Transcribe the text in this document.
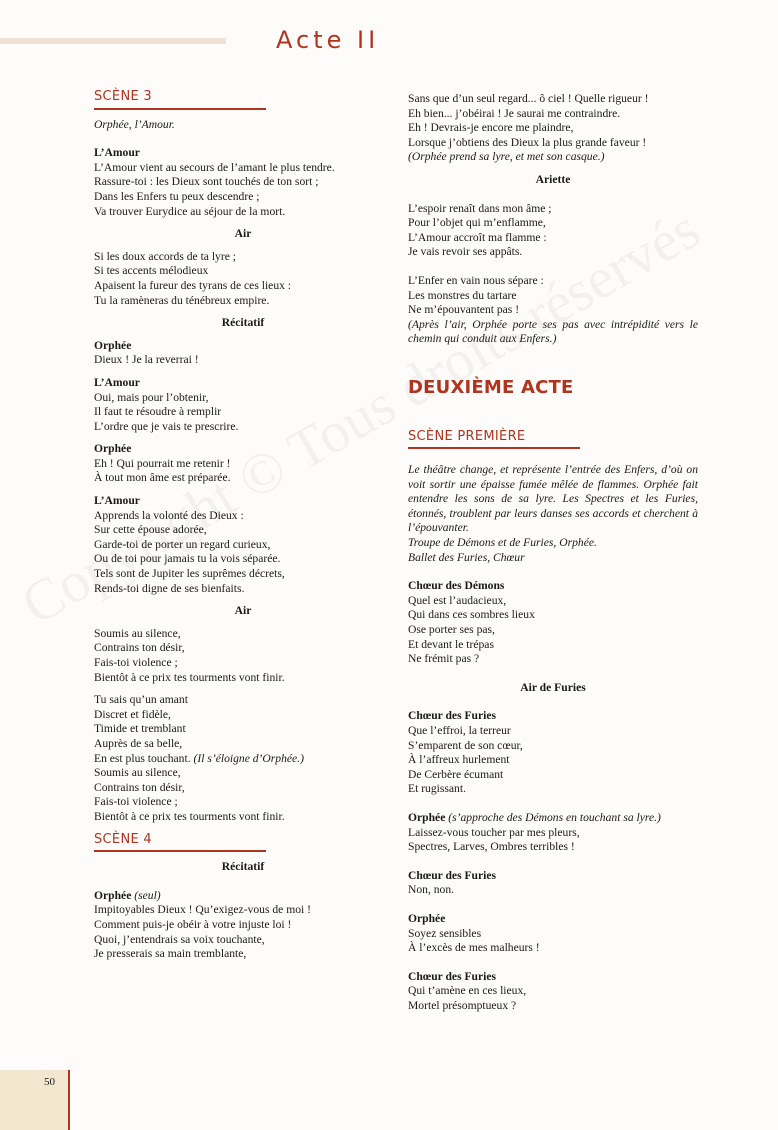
Acte II
SCÈNE 3
Orphée, l’Amour.
L’Amour
L’Amour vient au secours de l’amant le plus tendre.
Rassure-toi : les Dieux sont touchés de ton sort ;
Dans les Enfers tu peux descendre ;
Va trouver Eurydice au séjour de la mort.
Air
Si les doux accords de ta lyre ;
Si tes accents mélodieux
Apaisent la fureur des tyrans de ces lieux :
Tu la ramèneras du ténébreux empire.
Récitatif
Orphée
Dieux ! Je la reverrai !
L’Amour
Oui, mais pour l’obtenir,
Il faut te résoudre à remplir
L’ordre que je vais te prescrire.
Orphée
Eh ! Qui pourrait me retenir !
À tout mon âme est préparée.
L’Amour
Apprends la volonté des Dieux :
Sur cette épouse adorée,
Garde-toi de porter un regard curieux,
Ou de toi pour jamais tu la vois séparée.
Tels sont de Jupiter les suprêmes décrets,
Rends-toi digne de ses bienfaits.
Air
Soumis au silence,
Contrains ton désir,
Fais-toi violence ;
Bientôt à ce prix tes tourments vont finir.
Tu sais qu’un amant
Discret et fidèle,
Timide et tremblant
Auprès de sa belle,
En est plus touchant. (Il s’éloigne d’Orphée.)
Soumis au silence,
Contrains ton désir,
Fais-toi violence ;
Bientôt à ce prix tes tourments vont finir.
SCÈNE 4
Récitatif
Orphée (seul)
Impitoyables Dieux ! Qu’exigez-vous de moi !
Comment puis-je obéir à votre injuste loi !
Quoi, j’entendrais sa voix touchante,
Je presserais sa main tremblante,
Sans que d’un seul regard... ô ciel ! Quelle rigueur !
Eh bien... j’obéirai ! Je saurai me contraindre.
Eh ! Devrais-je encore me plaindre,
Lorsque j’obtiens des Dieux la plus grande faveur !
(Orphée prend sa lyre, et met son casque.)
Ariette
L’espoir renaît dans mon âme ;
Pour l’objet qui m’enflamme,
L’Amour accroît ma flamme :
Je vais revoir ses appâts.
L’Enfer en vain nous sépare :
Les monstres du tartare
Ne m’épouvantent pas !
(Après l’air, Orphée porte ses pas avec intrépidité vers le chemin qui conduit aux Enfers.)
DEUXIÈME ACTE
SCÈNE PREMIÈRE
Le théâtre change, et représente l’entrée des Enfers, d’où on voit sortir une épaisse fumée mêlée de flammes. Orphée fait entendre les sons de sa lyre. Les Spectres et les Furies, étonnés, troublent par leurs danses ses accords et cherchent à l’épouvanter.
Troupe de Démons et de Furies, Orphée.
Ballet des Furies, Chœur
Chœur des Démons
Quel est l’audacieux,
Qui dans ces sombres lieux
Ose porter ses pas,
Et devant le trépas
Ne frémit pas ?
Air de Furies
Chœur des Furies
Que l’effroi, la terreur
S’emparent de son cœur,
À l’affreux hurlement
De Cerbère écumant
Et rugissant.
Orphée (s’approche des Démons en touchant sa lyre.)
Laissez-vous toucher par mes pleurs,
Spectres, Larves, Ombres terribles !
Chœur des Furies
Non, non.
Orphée
Soyez sensibles
À l’excès de mes malheurs !
Chœur des Furies
Qui t’amène en ces lieux,
Mortel présomptueux ?
50
